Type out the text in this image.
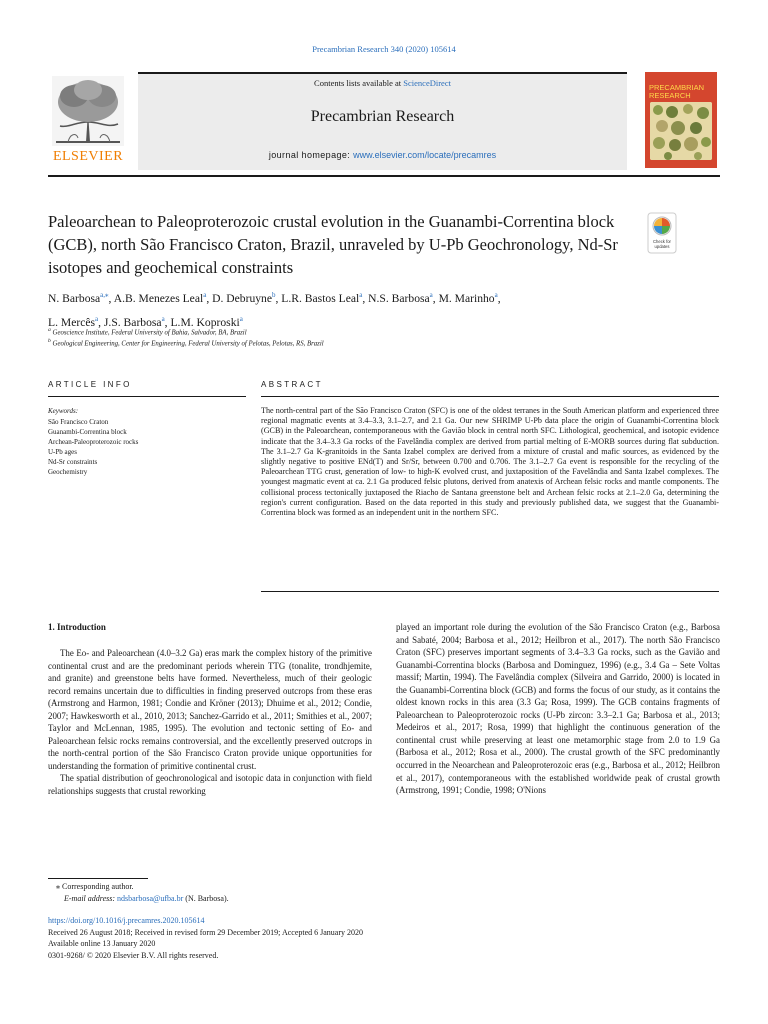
Precambrian Research 340 (2020) 105614
Contents lists available at ScienceDirect
Precambrian Research
journal homepage: www.elsevier.com/locate/precamres
ELSEVIER
PRECAMBRIAN RESEARCH
Paleoarchean to Paleoproterozoic crustal evolution in the Guanambi-Correntina block (GCB), north São Francisco Craton, Brazil, unraveled by U-Pb Geochronology, Nd-Sr isotopes and geochemical constraints
Check for
updates
N. Barbosa$^{a,⁎}$, A.B. Menezes Leal$^a$, D. Debruyne$^b$, L.R. Bastos Leal$^a$, N.S. Barbosa$^a$, M. Marinho$^a$,
L. Mercês$^a$, J.S. Barbosa$^a$, L.M. Koproski$^a$
$^a$ Geoscience Institute, Federal University of Bahia, Salvador, BA, Brazil
$^b$ Geological Engineering, Center for Engineering, Federal University of Pelotas, Pelotas, RS, Brazil
ARTICLE INFO	ABSTRACT
Keywords:
São Francisco Craton
Guanambi-Correntina block
Archean-Paleoproterozoic rocks
U-Pb ages
Nd-Sr constraints
Geochemistry
The north-central part of the São Francisco Craton (SFC) is one of the oldest terranes in the South American platform and experienced three regional magmatic events at 3.4–3.3, 3.1–2.7, and 2.1 Ga. Our new SHRIMP U-Pb data place the origin of Guanambi-Correntina block (GCB) in the Paleoarchean, contemporaneous with the Gavião block in central north SFC. Lithological, geochemical, and isotopic evidence indicate that the 3.4–3.3 Ga rocks of the Favelândia complex are derived from partial melting of E-MORB sources during flat subduction. The 3.1–2.7 Ga K-granitoids in the Santa Izabel complex are derived from a mixture of crustal and mafic sources, as evidenced by the slightly negative to positive ENd(T) and Sr/Sr, between 0.700 and 0.706. The 3.1–2.7 Ga event is responsible for the recycling of the Paleoarchean TTG crust, generation of low- to high-K evolved crust, and juxtaposition of the Favelândia and Santa Izabel complexes. The youngest magmatic event at ca. 2.1 Ga produced felsic plutons, derived from anatexis of Archean felsic rocks and mantle components. The collisional process tectonically juxtaposed the Riacho de Santana greenstone belt and Archean felsic rocks at 2.1–2.0 Ga, determining the region's current configuration. Based on the data reported in this study and previously published data, we suggest that the Guanambi-Correntina block was formed as an independent unit in the northern SFC.
1. Introduction

The Eo- and Paleoarchean (4.0–3.2 Ga) eras mark the complex history of the primitive continental crust and are the predominant periods wherein TTG (tonalite, trondhjemite, and granite) and greenstone belts have formed. Nevertheless, much of their geologic record remains uncertain due to difficulties in finding preserved outcrops from these eras (Armstrong and Harmon, 1981; Condie and Kröner (2013); Dhuime et al., 2012; Condie, 2007; Hawkesworth et al., 2010, 2013; Sanchez-Garrido et al., 2011; Smithies et al., 2007; Taylor and McLennan, 1985, 1995). The evolution and tectonic setting of Eo- and Paleoarchean felsic rocks remains controversial, and the excellently preserved outcrops in the north-central portion of the São Francisco Craton provide unique opportunities for understanding the formation of primitive continental crust.

The spatial distribution of geochronological and isotopic data in conjunction with field relationships suggests that crustal reworking

played an important role during the evolution of the São Francisco Craton (e.g., Barbosa and Sabaté, 2004; Barbosa et al., 2012; Heilbron et al., 2017). The north São Francisco Craton (SFC) preserves important segments of 3.4–3.3 Ga rocks, such as the Gavião and Guanambi-Correntina blocks (Barbosa and Dominguez, 1996) (e.g., 3.4 Ga – Sete Voltas massif; Martin, 1994). The Favelândia complex (Silveira and Garrido, 2000) is located in the Guanambi-Correntina block (GCB) and forms the focus of our study, as it contains the oldest known rocks in this area (3.3 Ga; Rosa, 1999). The GCB contains fragments of Paleoarchean to Paleoproterozoic rocks (U-Pb zircon: 3.3–2.1 Ga; Barbosa et al., 2013; Medeiros et al., 2017; Rosa, 1999) that highlight the continuous generation of the continental crust while preserving at least one metamorphic stage from 2.0 to 1.9 Ga (Barbosa et al., 2012; Rosa et al., 2000). The crustal growth of the SFC predominantly occurred in the Neoarchean and Paleoproterozoic eras (e.g., Barbosa et al., 2012; Heilbron et al., 2017), contemporaneous with the established worldwide peak of crustal growth (Armstrong, 1991; Condie, 1998; O'Nions

⁎ Corresponding author.
E-mail address: ndsbarbosa@ufba.br (N. Barbosa).
https://doi.org/10.1016/j.precamres.2020.105614
Received 26 August 2018; Received in revised form 29 December 2019; Accepted 6 January 2020
Available online 13 January 2020
0301-9268/ © 2020 Elsevier B.V. All rights reserved.
